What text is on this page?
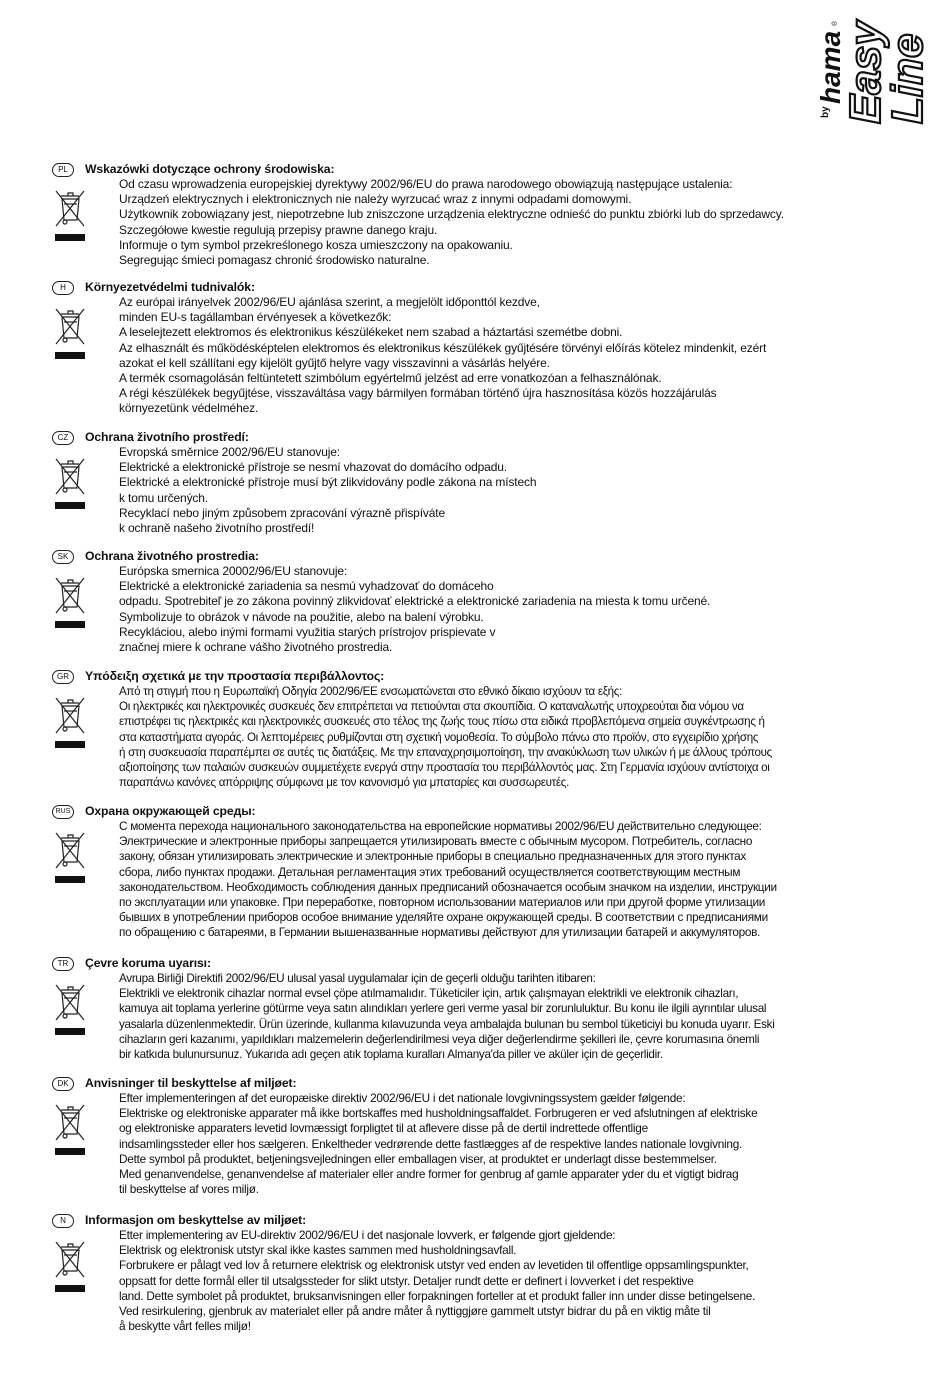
by
hama
® Easy
Line
PL	Wskazówki dotyczące ochrony środowiska:
Od czasu wprowadzenia europejskiej dyrektywy 2002/96/EU do prawa narodowego obowiązują następujące ustalenia:
Urządzeń elektrycznych i elektronicznych nie należy wyrzucać wraz z innymi odpadami domowymi.
Użytkownik zobowiązany jest, niepotrzebne lub zniszczone urządzenia elektryczne odnieść do punktu zbiórki lub do sprzedawcy.
Szczegółowe kwestie regulują przepisy prawne danego kraju.
Informuje o tym symbol przekreślonego kosza umieszczony na opakowaniu.
Segregując śmieci pomagasz chronić środowisko naturalne.
H	Környezetvédelmi tudnivalók:
Az európai irányelvek 2002/96/EU ajánlása szerint, a megjelölt időponttól kezdve,
minden EU-s tagállamban érvényesek a következők:
A leselejtezett elektromos és elektronikus készülékeket nem szabad a háztartási szemétbe dobni.
Az elhasznált és működésképtelen elektromos és elektronikus készülékek gyűjtésére törvényi előírás kötelez mindenkit, ezért
azokat el kell szállítani egy kijelölt gyűjtő helyre vagy visszavinni a vásárlás helyére.
A termék csomagolásán feltüntetett szimbólum egyértelmű jelzést ad erre vonatkozóan a felhasználónak.
A régi készülékek begyűjtése, visszaváltása vagy bármilyen formában történő újra hasznosítása közös hozzájárulás
környezetünk védelméhez.
CZ	Ochrana životního prostředí:
Evropská směrnice 2002/96/EU stanovuje:
Elektrické a elektronické přístroje se nesmí vhazovat do domácího odpadu.
Elektrické a elektronické přístroje musí být zlikvidovány podle zákona na místech
k tomu určených.
Recyklací nebo jiným způsobem zpracování výrazně přispíváte
k ochraně našeho životního prostředí!
SK	Ochrana životného prostredia:
Európska smernica 20002/96/EU stanovuje:
Elektrické a elektronické zariadenia sa nesmú vyhadzovať do domáceho
odpadu. Spotrebiteľ je zo zákona povinný zlikvidovať elektrické a elektronické zariadenia na miesta k tomu určené.
Symbolizuje to obrázok v návode na použitie, alebo na balení výrobku.
Recykláciou, alebo inými formami využitia starých prístrojov prispievate v
značnej miere k ochrane vášho životného prostredia.
GR	Υπόδειξη σχετικά με την προστασία περιβάλλοντος:
Από τη στιγμή που η Ευρωπαϊκή Οδηγία 2002/96/ΕΕ ενσωματώνεται στο εθνικό δίκαιο ισχύουν τα εξής:
Οι ηλεκτρικές και ηλεκτρονικές συσκευές δεν επιτρέπεται να πετιούνται στα σκουπίδια. Ο καταναλωτής υποχρεούται δια νόμου να
επιστρέφει τις ηλεκτρικές και ηλεκτρονικές συσκευές στο τέλος της ζωής τους πίσω στα ειδικά προβλεπόμενα σημεία συγκέντρωσης ή
στα καταστήματα αγοράς. Οι λεπτομέρειες ρυθμίζονται στη σχετική νομοθεσία. Το σύμβολο πάνω στο προϊόν, στο εγχειρίδιο χρήσης
ή στη συσκευασία παραπέμπει σε αυτές τις διατάξεις. Με την επαναχρησιμοποίηση, την ανακύκλωση των υλικών ή με άλλους τρόπους
αξιοποίησης των παλαιών συσκευών συμμετέχετε ενεργά στην προστασία του περιβάλλοντός μας. Στη Γερμανία ισχύουν αντίστοιχα οι
παραπάνω κανόνες απόρριψης σύμφωνα με τον κανονισμό για μπαταρίες και συσσωρευτές.
RUS Охрана окружающей среды:
С момента перехода национального законодательства на европейские нормативы 2002/96/EU действительно следующее:
Электрические и электронные приборы запрещается утилизировать вместе с обычным мусором. Потребитель, согласно
закону, обязан утилизировать электрические и электронные приборы в специально предназначенных для этого пунктах
сбора, либо пунктах продажи. Детальная регламентация этих требований осуществляется соответствующим местным
законодательством. Необходимость соблюдения данных предписаний обозначается особым значком на изделии, инструкции
по эксплуатации или упаковке. При переработке, повторном использовании материалов или при другой форме утилизации
бывших в употреблении приборов особое внимание уделяйте охране окружающей среды. В соответствии с предписаниями
по обращению с батареями, в Германии вышеназванные нормативы действуют для утилизации батарей и аккумуляторов.
TR	Çevre koruma uyarısı:
Avrupa Birliği Direktifi 2002/96/EU ulusal yasal uygulamalar için de geçerli olduğu tarihten itibaren:
Elektrikli ve elektronik cihazlar normal evsel çöpe atılmamalıdır. Tüketiciler için, artık çalışmayan elektrikli ve elektronik cihazları,
kamuya ait toplama yerlerine götürme veya satın alındıkları yerlere geri verme yasal bir zorunluluktur. Bu konu ile ilgili ayrıntılar ulusal
yasalarla düzenlenmektedir. Ürün üzerinde, kullanma kılavuzunda veya ambalajda bulunan bu sembol tüketiciyi bu konuda uyarır. Eski
cihazların geri kazanımı, yapıldıkları malzemelerin değerlendirilmesi veya diğer değerlendirme şekilleri ile, çevre korumasına önemli
bir katkıda bulunursunuz. Yukarıda adı geçen atık toplama kuralları Almanya'da piller ve aküler için de geçerlidir.
DK	Anvisninger til beskyttelse af miljøet:
Efter implementeringen af det europæiske direktiv 2002/96/EU i det nationale lovgivningssystem gælder følgende:
Elektriske og elektroniske apparater må ikke bortskaffes med husholdningsaffaldet. Forbrugeren er ved afslutningen af elektriske
og elektroniske apparaters levetid lovmæssigt forpligtet til at aflevere disse på de dertil indrettede offentlige
indsamlingssteder eller hos sælgeren. Enkeltheder vedrørende dette fastlægges af de respektive landes nationale lovgivning.
Dette symbol på produktet, betjeningsvejledningen eller emballagen viser, at produktet er underlagt disse bestemmelser.
Med genanvendelse, genanvendelse af materialer eller andre former for genbrug af gamle apparater yder du et vigtigt bidrag
til beskyttelse af vores miljø.
N	Informasjon om beskyttelse av miljøet:
Etter implementering av EU-direktiv 2002/96/EU i det nasjonale lovverk, er følgende gjort gjeldende:
Elektrisk og elektronisk utstyr skal ikke kastes sammen med husholdningsavfall.
Forbrukere er pålagt ved lov å returnere elektrisk og elektronisk utstyr ved enden av levetiden til offentlige oppsamlingspunkter,
oppsatt for dette formål eller til utsalgssteder for slikt utstyr. Detaljer rundt dette er definert i lovverket i det respektive
land. Dette symbolet på produktet, bruksanvisningen eller forpakningen forteller at et produkt faller inn under disse betingelsene.
Ved resirkulering, gjenbruk av materialet eller på andre måter å nyttiggjøre gammelt utstyr bidrar du på en viktig måte til
å beskytte vårt felles miljø!
